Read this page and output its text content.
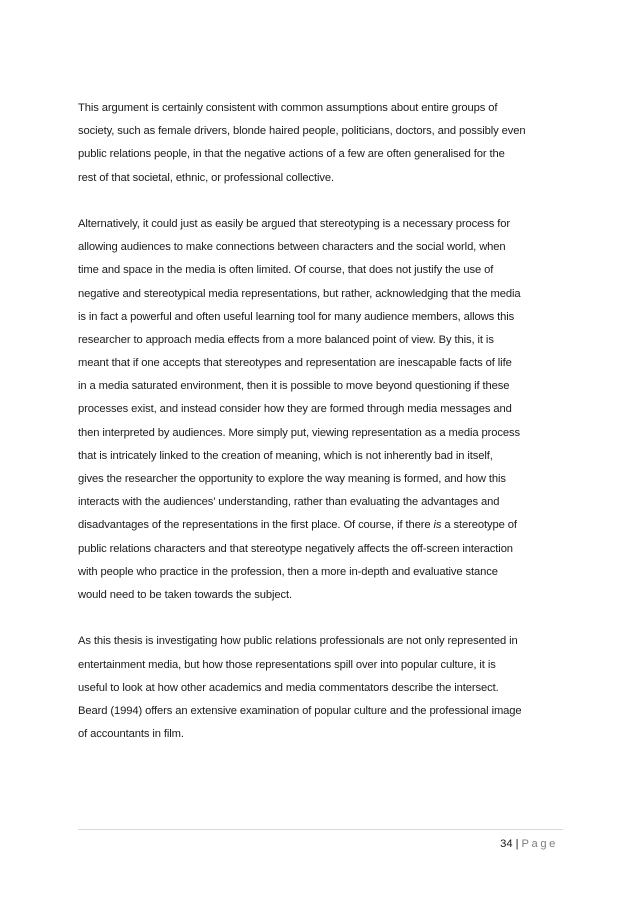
This argument is certainly consistent with common assumptions about entire groups of
society, such as female drivers, blonde haired people, politicians, doctors, and possibly even
public relations people, in that the negative actions of a few are often generalised for the
rest of that societal, ethnic, or professional collective.
Alternatively, it could just as easily be argued that stereotyping is a necessary process for
allowing audiences to make connections between characters and the social world, when
time and space in the media is often limited. Of course, that does not justify the use of
negative and stereotypical media representations, but rather, acknowledging that the media
is in fact a powerful and often useful learning tool for many audience members, allows this
researcher to approach media effects from a more balanced point of view. By this, it is
meant that if one accepts that stereotypes and representation are inescapable facts of life
in a media saturated environment, then it is possible to move beyond questioning if these
processes exist, and instead consider how they are formed through media messages and
then interpreted by audiences. More simply put, viewing representation as a media process
that is intricately linked to the creation of meaning, which is not inherently bad in itself,
gives the researcher the opportunity to explore the way meaning is formed, and how this
interacts with the audiences’ understanding, rather than evaluating the advantages and
disadvantages of the representations in the first place. Of course, if there is a stereotype of
public relations characters and that stereotype negatively affects the off-screen interaction
with people who practice in the profession, then a more in-depth and evaluative stance
would need to be taken towards the subject.
As this thesis is investigating how public relations professionals are not only represented in
entertainment media, but how those representations spill over into popular culture, it is
useful to look at how other academics and media commentators describe the intersect.
Beard (1994) offers an extensive examination of popular culture and the professional image
of accountants in film.
34 | Page
